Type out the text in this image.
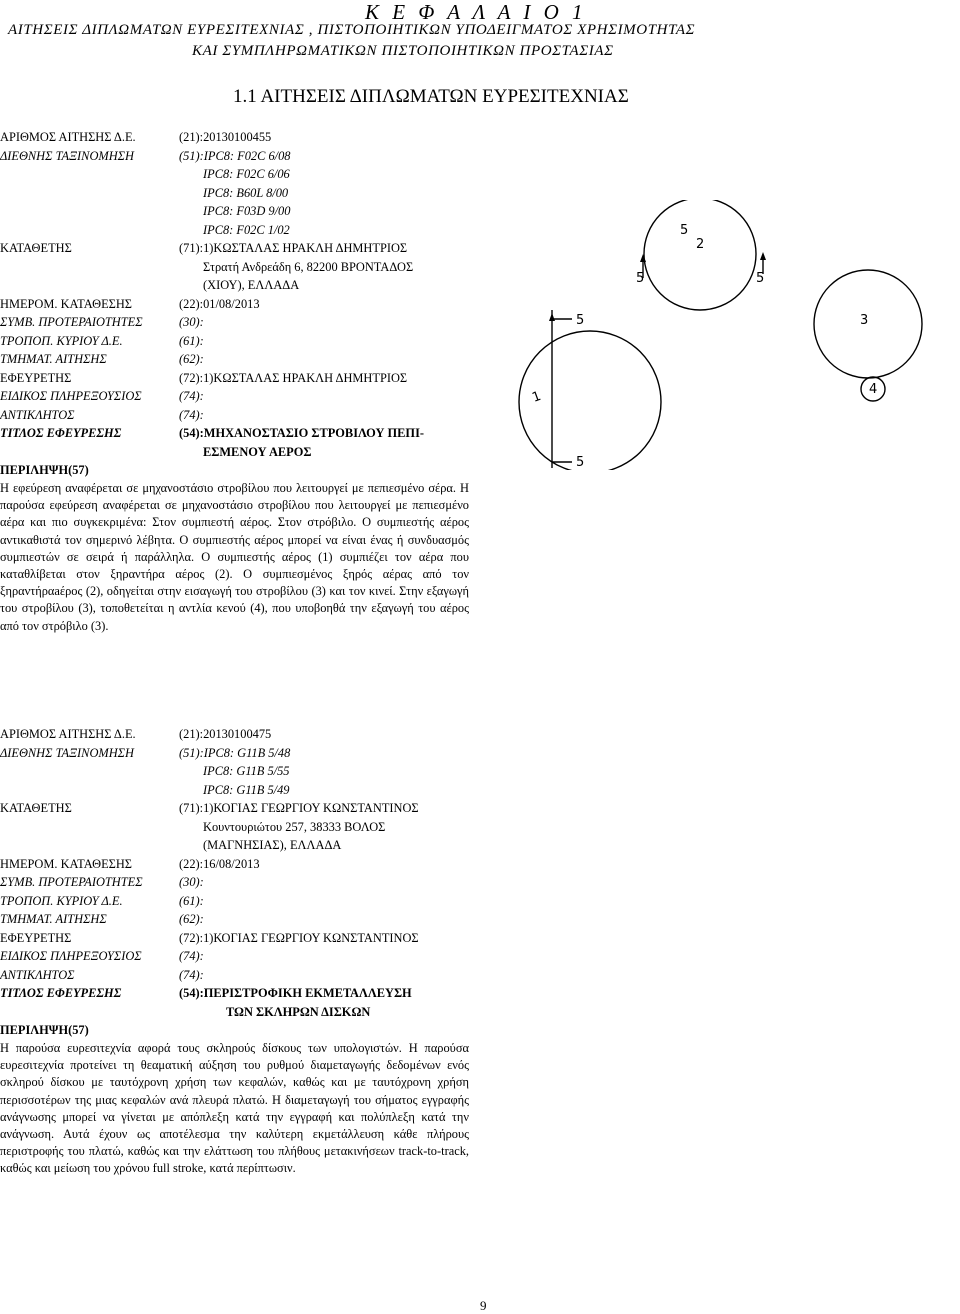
Κ Ε Φ Α Λ Α Ι Ο 1
ΑΙΤΗΣΕΙΣ ΔΙΠΛΩΜΑΤΩΝ ΕΥΡΕΣΙΤΕΧΝΙΑΣ , ΠΙΣΤΟΠΟΙΗΤΙΚΩΝ ΥΠΟΔΕΙΓΜΑΤΟΣ ΧΡΗΣΙΜΟΤΗΤΑΣ
ΚΑΙ ΣΥΜΠΛΗΡΩΜΑΤΙΚΩΝ ΠΙΣΤΟΠΟΙΗΤΙΚΩΝ ΠΡΟΣΤΑΣΙΑΣ
1.1 ΑΙΤΗΣΕΙΣ ΔΙΠΛΩΜΑΤΩΝ ΕΥΡΕΣΙΤΕΧΝΙΑΣ
ΑΡΙΘΜΟΣ ΑΙΤΗΣΗΣ Δ.Ε.	(21):20130100455
ΔΙΕΘΝΗΣ ΤΑΞΙΝΟΜΗΣΗ	(51):IPC8: F02C 6/08
IPC8: F02C 6/06
IPC8: B60L 8/00
IPC8: F03D 9/00
IPC8: F02C 1/02
ΚΑΤΑΘΕΤΗΣ	(71):1)ΚΩΣΤΑΛΑΣ ΗΡΑΚΛΗ ΔΗΜΗΤΡΙΟΣ
Στρατή Ανδρεάδη 6, 82200 ΒΡΟΝΤΑΔΟΣ
(ΧΙΟΥ), ΕΛΛΑΔΑ
ΗΜΕΡΟΜ. ΚΑΤΑΘΕΣΗΣ	(22):01/08/2013
ΣΥΜΒ. ΠΡΟΤΕΡΑΙΟΤΗΤΕΣ	(30):
ΤΡΟΠΟΠ. ΚΥΡΙΟΥ Δ.Ε.	(61):
ΤΜΗΜΑΤ. ΑΙΤΗΣΗΣ	(62):
ΕΦΕΥΡΕΤΗΣ	(72):1)ΚΩΣΤΑΛΑΣ ΗΡΑΚΛΗ ΔΗΜΗΤΡΙΟΣ
ΕΙΔΙΚΟΣ ΠΛΗΡΕΞΟΥΣΙΟΣ	(74):
ΑΝΤΙΚΛΗΤΟΣ	(74):
ΤΙΤΛΟΣ ΕΦΕΥΡΕΣΗΣ	(54):ΜΗΧΑΝΟΣΤΑΣΙΟ ΣΤΡΟΒΙΛΟΥ ΠΕΠΙ-
ΕΣΜΕΝΟΥ ΑΕΡΟΣ
ΠΕΡΙΛΗΨΗ(57)
Η εφεύρεση αναφέρεται σε μηχανοστάσιο στροβίλου που λειτουργεί με πεπιεσμένο σέρα. Η παρούσα εφεύρεση αναφέρεται σε μηχανοστάσιο στροβίλου που λειτουργεί με πεπιεσμένο αέρα και πιο συγκεκριμένα: Στον συμπιεστή αέρος. Στον στρόβιλο. Ο συμπιεστής αέρος αντικαθιστά τον σημερινό λέβητα. Ο συμπιεστής αέρος μπορεί να είναι ένας ή συνδυασμός συμπιεστών σε σειρά ή παράλληλα. Ο συμπιεστής αέρος (1) συμπιέζει τον αέρα που καταθλίβεται στον ξηραντήρα αέρος (2). Ο συμπιεσμένος ξηρός αέρας από τον ξηραντήραaέρος (2), οδηγείται στην εισαγωγή του στροβίλου (3) και τον κινεί. Στην εξαγωγή του στροβίλου (3), τοποθετείται η αντλία κενού (4), που υποβοηθά την εξαγωγή του αέρος από τον στρόβιλο (3).
1
2
3
4
5
5
5	5
5
ΑΡΙΘΜΟΣ ΑΙΤΗΣΗΣ Δ.Ε.	(21):20130100475
ΔΙΕΘΝΗΣ ΤΑΞΙΝΟΜΗΣΗ	(51):IPC8: G11B 5/48
IPC8: G11B 5/55
IPC8: G11B 5/49
ΚΑΤΑΘΕΤΗΣ	(71):1)ΚΟΓΙΑΣ ΓΕΩΡΓΙΟΥ ΚΩΝΣΤΑΝΤΙΝΟΣ
Κουντουριώτου 257, 38333 ΒΟΛΟΣ
(ΜΑΓΝΗΣΙΑΣ), ΕΛΛΑΔΑ
ΗΜΕΡΟΜ. ΚΑΤΑΘΕΣΗΣ	(22):16/08/2013
ΣΥΜΒ. ΠΡΟΤΕΡΑΙΟΤΗΤΕΣ	(30):
ΤΡΟΠΟΠ. ΚΥΡΙΟΥ Δ.Ε.	(61):
ΤΜΗΜΑΤ. ΑΙΤΗΣΗΣ	(62):
ΕΦΕΥΡΕΤΗΣ	(72):1)ΚΟΓΙΑΣ ΓΕΩΡΓΙΟΥ ΚΩΝΣΤΑΝΤΙΝΟΣ
ΕΙΔΙΚΟΣ ΠΛΗΡΕΞΟΥΣΙΟΣ	(74):
ΑΝΤΙΚΛΗΤΟΣ	(74):
ΤΙΤΛΟΣ ΕΦΕΥΡΕΣΗΣ	(54):ΠΕΡΙΣΤΡΟΦΙΚΗ ΕΚΜΕΤΑΛΛΕΥΣΗ
ΤΩΝ ΣΚΛΗΡΩΝ ΔΙΣΚΩΝ
ΠΕΡΙΛΗΨΗ(57)
Η παρούσα ευρεσιτεχνία αφορά τους σκληρούς δίσκους των υπολογιστών. Η παρούσα ευρεσιτεχνία προτείνει τη θεαματική αύξηση του ρυθμού διαμεταγωγής δεδομένων ενός σκληρού δίσκου με ταυτόχρονη χρήση των κεφαλών, καθώς και με ταυτόχρονη χρήση περισσοτέρων της μιας κεφαλών ανά πλευρά πλατώ. Η διαμεταγωγή του σήματος εγγραφής ανάγνωσης μπορεί να γίνεται με απόπλεξη κατά την εγγραφή και πολύπλεξη κατά την ανάγνωση. Αυτά έχουν ως αποτέλεσμα την καλύτερη εκμετάλλευση κάθε πλήρους περιστροφής του πλατώ, καθώς και την ελάττωση του πλήθους μετακινήσεων track-to-track, καθώς και μείωση του χρόνου full stroke, κατά περίπτωσιν.
9
